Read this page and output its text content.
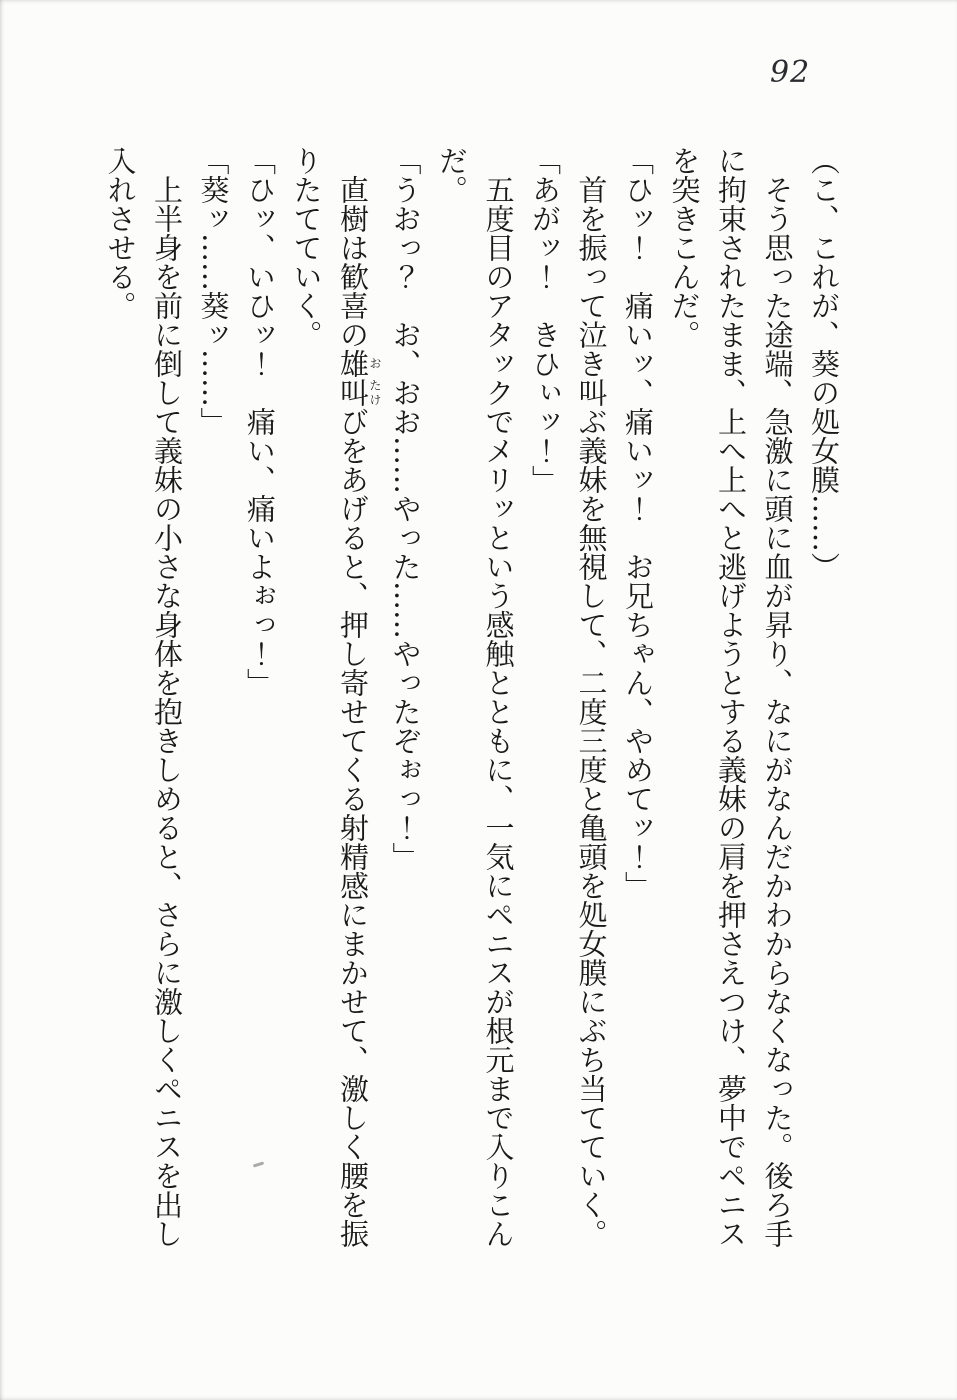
92

（こ、これが、葵の処女膜……）

そう思った途端、急激に頭に血が昇り、なにがなんだかわからなくなった。後ろ手

に拘束されたまま、上へ上へと逃げようとする義妹の肩を押さえつけ、夢中でペニス

を突きこんだ。

「ひッ！　痛いッ、痛いッ！　お兄ちゃん、やめてッ！」

首を振って泣き叫ぶ義妹を無視して、二度三度と亀頭を処女膜にぶち当てていく。

「あがッ！　きひぃッ！」

五度目のアタックでメリッという感触とともに、一気にペニスが根元まで入りこん

だ。

「うおっ？　お、おお……やった……やったぞぉっ！」

直樹は歓喜の雄お叫たけびをあげると、押し寄せてくる射精感にまかせて、激しく腰を振

りたてていく。

「ひッ、いひッ！　痛い、痛いよぉっ！」

「葵ッ……葵ッ……」

上半身を前に倒して義妹の小さな身体を抱きしめると、さらに激しくペニスを出し

入れさせる。
